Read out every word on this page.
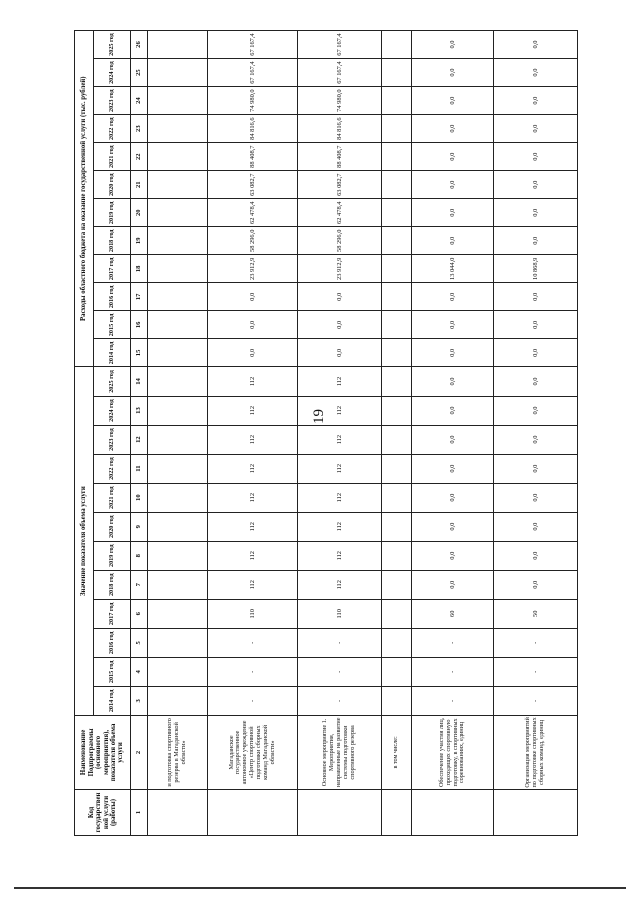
19
Код государственной услуги (работы)	Наименование Подпрограммы (основного мероприятия), показателя объема услуги	Значение показателя объема услуги												Расходы областного бюджета на оказание государственной услуги (тыс. рублей)											
		2014 год	2015 год	2016 год	2017 год	2018 год	2019 год	2020 год	2021 год	2022 год	2023 год	2024 год	2025 год	2014 год	2015 год	2016 год	2017 год	2018 год	2019 год	2020 год	2021 год	2022 год	2023 год	2024 год	2025 год
1	2	3	4	5	6	7	8	9	10	11	12	13	14	15	16	17	18	19	20	21	22	23	24	25	26
	и подготовка спортивного резерва в Магаданской области»																								
	Магаданское государственное автономное учреждение «Центр спортивной подготовки сборных команд Магаданской области»	-	-	-	110	112	112	112	112	112	112	112	112	0,0	0,0	0,0	23 912,9	58 296,0	62 478,4	63 082,7	88 408,7	84 816,6	74 980,0	67 167,4	67 167,4
	Основное мероприятие 1. Мероприятия, направленные на развитие системы подготовки спортивного резерва	-	-	-	110	112	112	112	112	112	112	112	112	0,0	0,0	0,0	23 912,9	58 296,0	62 478,4	63 082,7	88 408,7	84 816,6	74 980,0	67 167,4	67 167,4
	в том числе:																								
	Обеспечение участия лиц, проходящих спортивную подготовку, в спортивных соревнованиях, единиц	-	-	-	60	0,0	0,0	0,0	0,0	0,0	0,0	0,0	0,0	0,0	0,0	0,0	13 044,0	0,0	0,0	0,0	0,0	0,0	0,0	0,0	0,0
	Организация мероприятий по подготовке спортивных сборных команд, единиц	-	-	-	50	0,0	0,0	0,0	0,0	0,0	0,0	0,0	0,0	0,0	0,0	0,0	10 868,9	0,0	0,0	0,0	0,0	0,0	0,0	0,0	0,0
